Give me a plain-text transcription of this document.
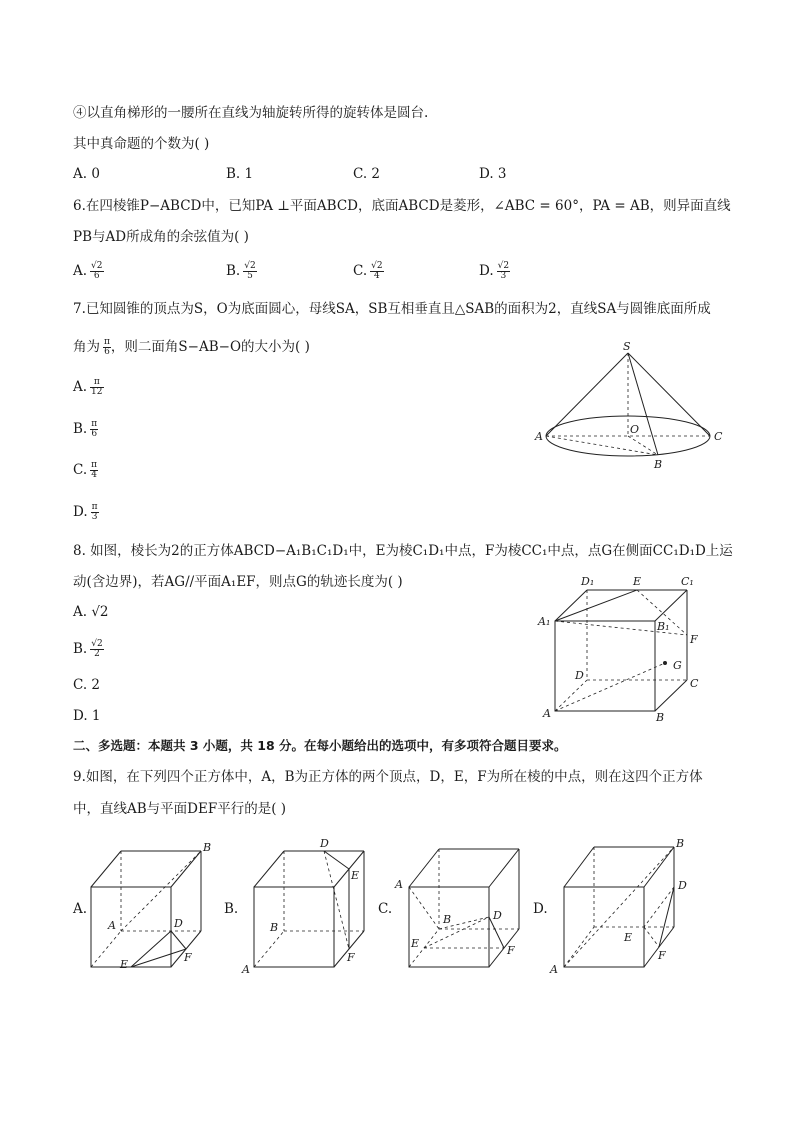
④以直角梯形的一腰所在直线为轴旋转所得的旋转体是圆台.
其中真命题的个数为( )
A. 0	B. 1	C. 2	D. 3
6.在四棱锥P−ABCD中，已知PA ⊥平面ABCD，底面ABCD是菱形，∠ABC = 60°，PA = AB，则异面直线
PB与AD所成角的余弦值为( )
A. $\frac{√2}{6}$	B. $\frac{√2}{5}$	C. $\frac{√2}{4}$	D. $\frac{√2}{3}$
7.已知圆锥的顶点为S，O为底面圆心，母线SA，SB互相垂直且△SAB的面积为2，直线SA与圆锥底面所成
角为 $\frac{\pi}{6}$ ，则二面角S−AB−O的大小为( )
A. $\frac{\pi}{12}$
B. $\frac{\pi}{6}$
C. $\frac{\pi}{4}$
D. $\frac{\pi}{3}$
S
O
A
B
C
8. 如图，棱长为2的正方体ABCD−A₁B₁C₁D₁中，E为棱C₁D₁中点，F为棱CC₁中点，点G在侧面CC₁D₁D上运
动(含边界)，若AG//平面A₁EF，则点G的轨迹长度为( )
A. √2
B. $\frac{√2}{2}$
C. 2
D. 1
D₁	E	C₁
A₁	B₁
F
G
D
C
A	B
二、多选题：本题共 3 小题，共 18 分。在每小题给出的选项中，有多项符合题目要求。
9.如图，在下列四个正方体中，A，B为正方体的两个顶点，D，E，F为所在棱的中点，则在这四个正方体
中，直线AB与平面DEF平行的是( )
A.	B.	C.	D.
B
A	D
E
F
D
E
B
A
F
A
B	D
E
F
B
D
E
F
A
